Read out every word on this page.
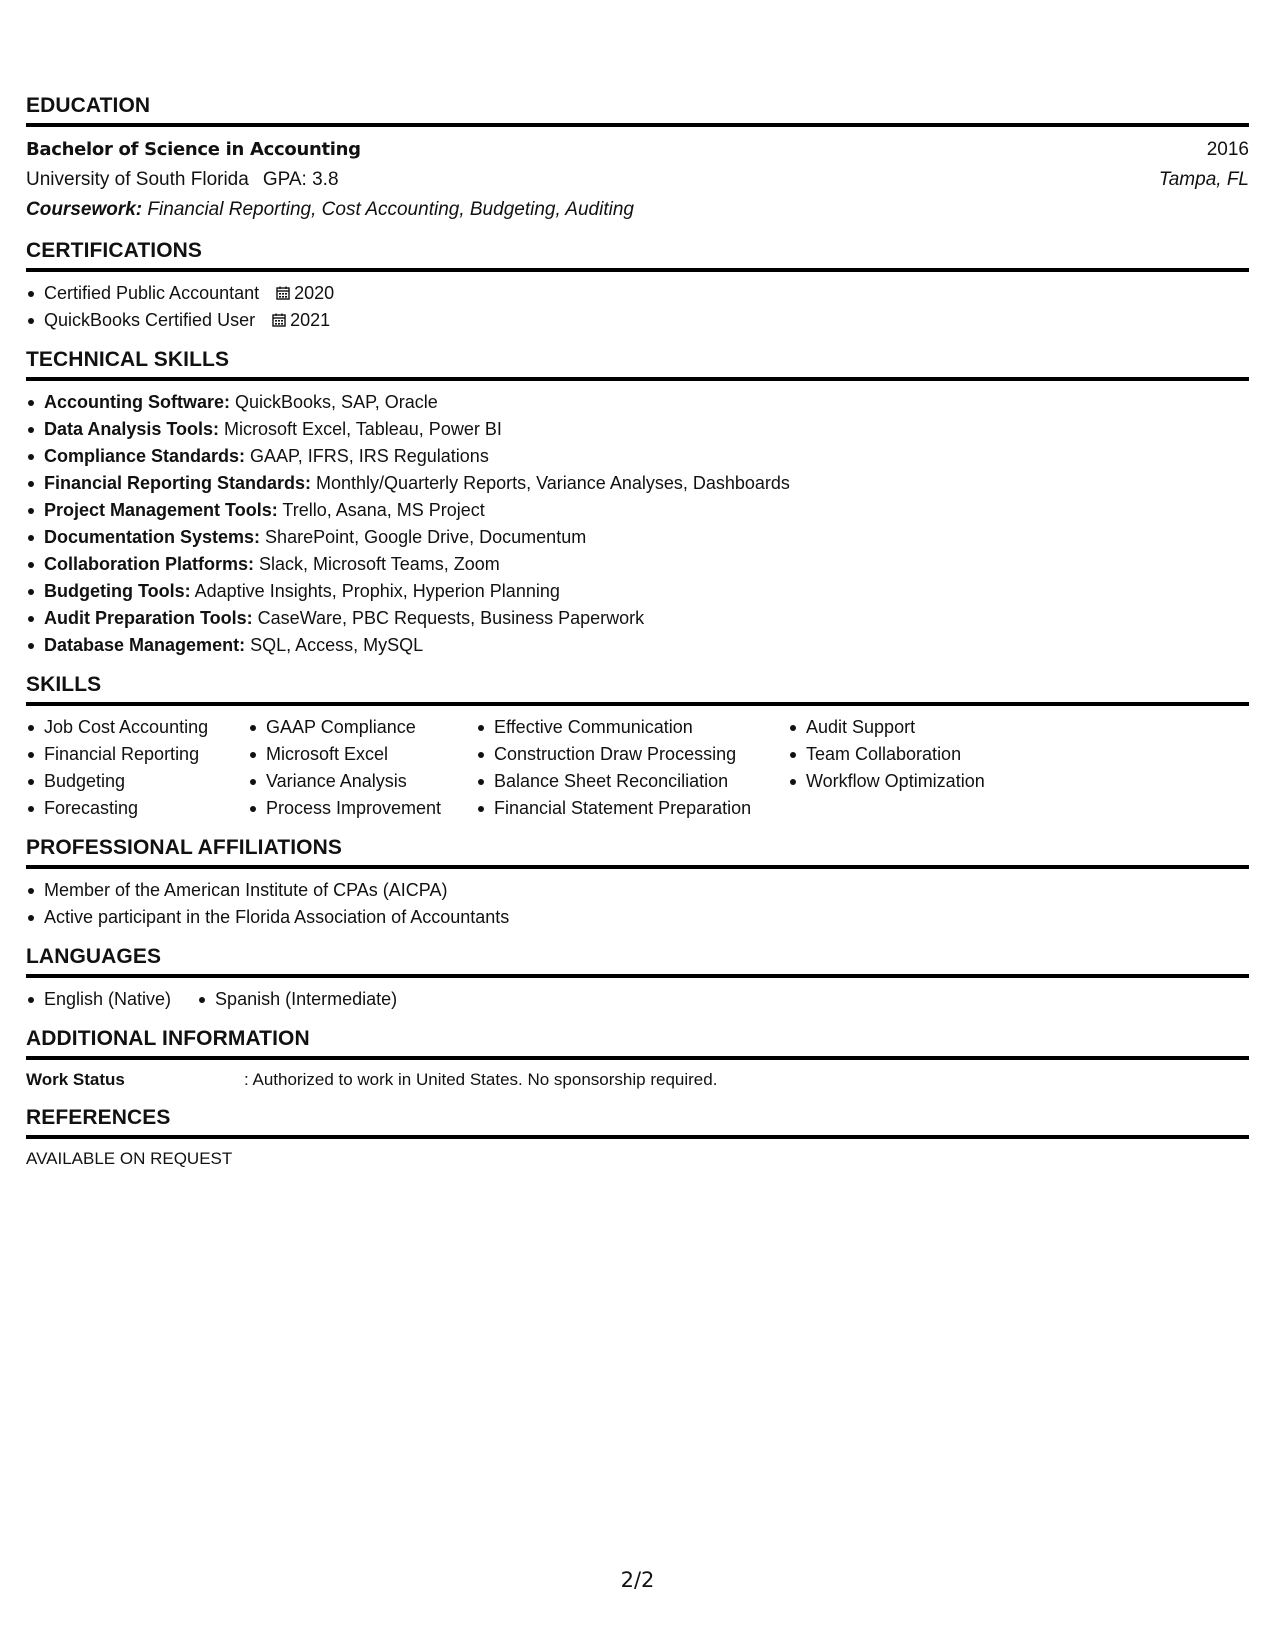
EDUCATION
Bachelor of Science in Accounting	2016
University of South Florida GPA: 3.8	Tampa, FL
Coursework: Financial Reporting, Cost Accounting, Budgeting, Auditing
CERTIFICATIONS
Certified Public Accountant 2020
QuickBooks Certified User 2021
TECHNICAL SKILLS
Accounting Software: QuickBooks, SAP, Oracle
Data Analysis Tools: Microsoft Excel, Tableau, Power BI
Compliance Standards: GAAP, IFRS, IRS Regulations
Financial Reporting Standards: Monthly/Quarterly Reports, Variance Analyses, Dashboards
Project Management Tools: Trello, Asana, MS Project
Documentation Systems: SharePoint, Google Drive, Documentum
Collaboration Platforms: Slack, Microsoft Teams, Zoom
Budgeting Tools: Adaptive Insights, Prophix, Hyperion Planning
Audit Preparation Tools: CaseWare, PBC Requests, Business Paperwork
Database Management: SQL, Access, MySQL
SKILLS
Job Cost Accounting
Financial Reporting
Budgeting
Forecasting
GAAP Compliance
Microsoft Excel
Variance Analysis
Process Improvement
Effective Communication
Construction Draw Processing
Balance Sheet Reconciliation
Financial Statement Preparation
Audit Support
Team Collaboration
Workflow Optimization
PROFESSIONAL AFFILIATIONS
Member of the American Institute of CPAs (AICPA)
Active participant in the Florida Association of Accountants
LANGUAGES
English (Native)	Spanish (Intermediate)
ADDITIONAL INFORMATION
Work Status	: Authorized to work in United States. No sponsorship required.
REFERENCES
AVAILABLE ON REQUEST
2/2
